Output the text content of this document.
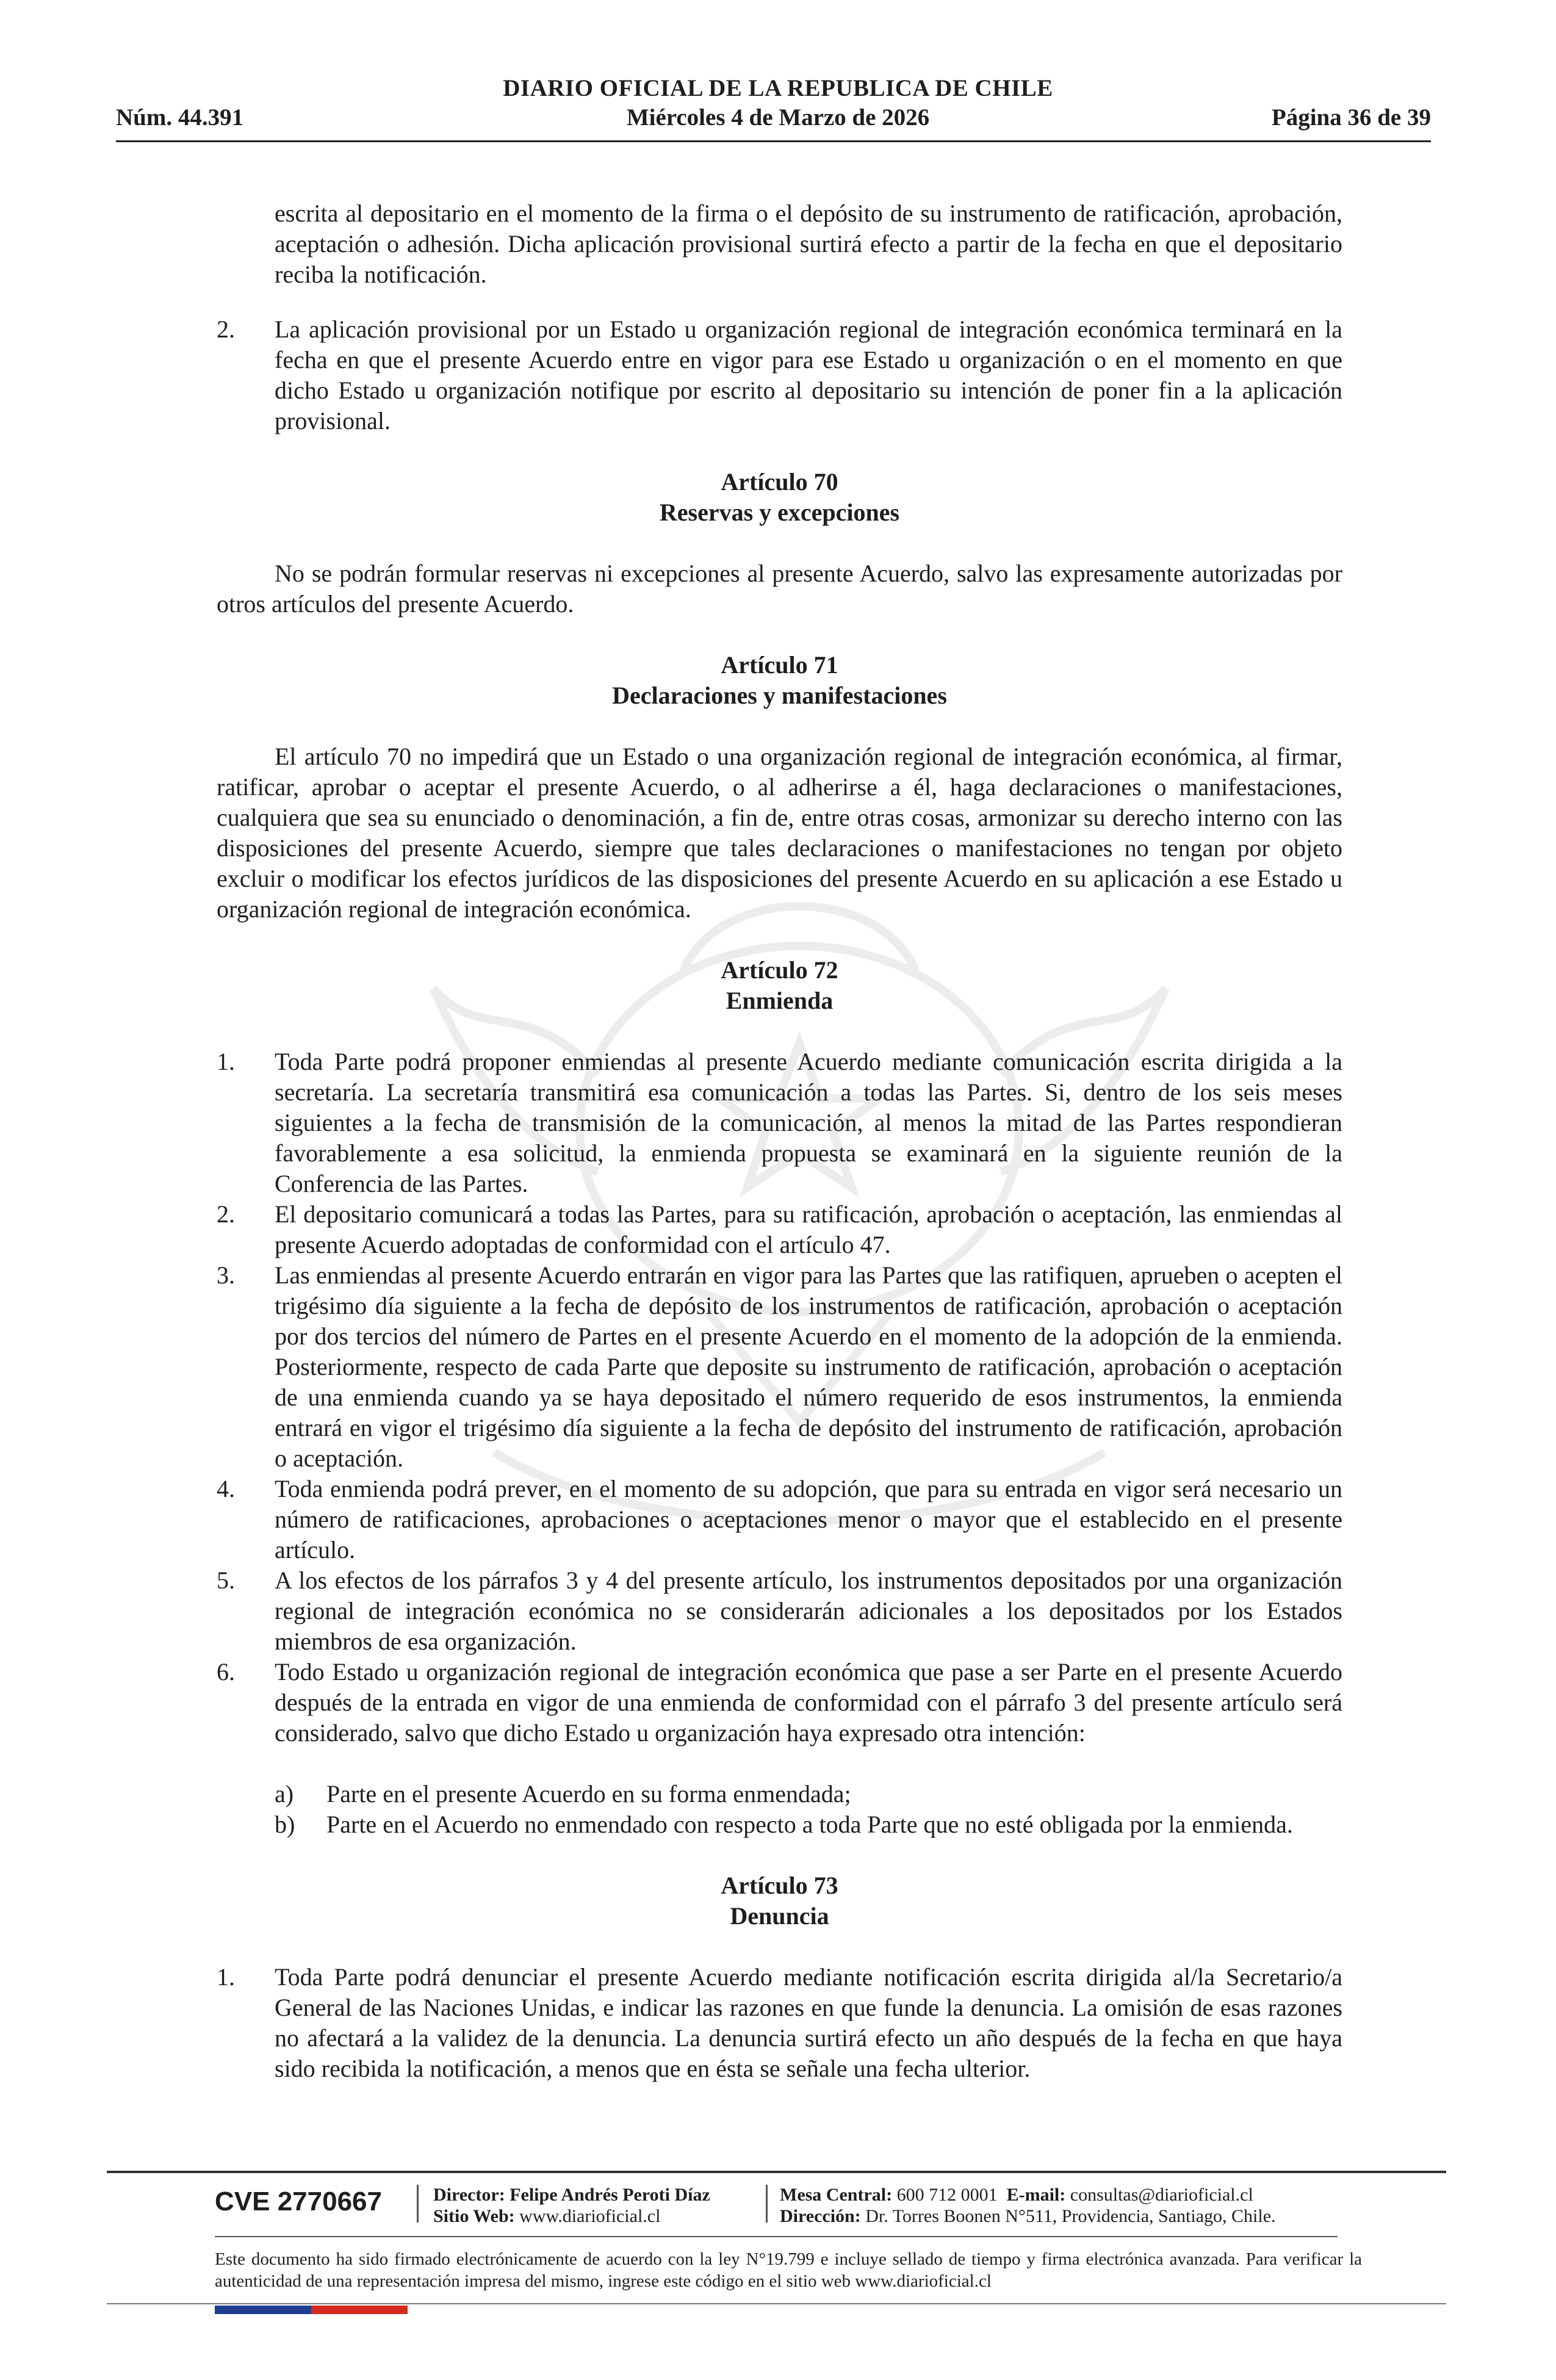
DIARIO OFICIAL DE LA REPUBLICA DE CHILE
Núm. 44.391	Miércoles 4 de Marzo de 2026	Página 36 de 39

escrita al depositario en el momento de la firma o el depósito de su instrumento de ratificación, aprobación, aceptación o adhesión. Dicha aplicación provisional surtirá efecto a partir de la fecha en que el depositario reciba la notificación.

2. La aplicación provisional por un Estado u organización regional de integración económica terminará en la fecha en que el presente Acuerdo entre en vigor para ese Estado u organización o en el momento en que dicho Estado u organización notifique por escrito al depositario su intención de poner fin a la aplicación provisional.

Artículo 70

Reservas y excepciones

No se podrán formular reservas ni excepciones al presente Acuerdo, salvo las expresamente autorizadas por otros artículos del presente Acuerdo.

Artículo 71

Declaraciones y manifestaciones

El artículo 70 no impedirá que un Estado o una organización regional de integración económica, al firmar, ratificar, aprobar o aceptar el presente Acuerdo, o al adherirse a él, haga declaraciones o manifestaciones, cualquiera que sea su enunciado o denominación, a fin de, entre otras cosas, armonizar su derecho interno con las disposiciones del presente Acuerdo, siempre que tales declaraciones o manifestaciones no tengan por objeto excluir o modificar los efectos jurídicos de las disposiciones del presente Acuerdo en su aplicación a ese Estado u organización regional de integración económica.

Artículo 72

Enmienda

1. Toda Parte podrá proponer enmiendas al presente Acuerdo mediante comunicación escrita dirigida a la secretaría. La secretaría transmitirá esa comunicación a todas las Partes. Si, dentro de los seis meses siguientes a la fecha de transmisión de la comunicación, al menos la mitad de las Partes respondieran favorablemente a esa solicitud, la enmienda propuesta se examinará en la siguiente reunión de la Conferencia de las Partes.
2. El depositario comunicará a todas las Partes, para su ratificación, aprobación o aceptación, las enmiendas al presente Acuerdo adoptadas de conformidad con el artículo 47.
3. Las enmiendas al presente Acuerdo entrarán en vigor para las Partes que las ratifiquen, aprueben o acepten el trigésimo día siguiente a la fecha de depósito de los instrumentos de ratificación, aprobación o aceptación por dos tercios del número de Partes en el presente Acuerdo en el momento de la adopción de la enmienda. Posteriormente, respecto de cada Parte que deposite su instrumento de ratificación, aprobación o aceptación de una enmienda cuando ya se haya depositado el número requerido de esos instrumentos, la enmienda entrará en vigor el trigésimo día siguiente a la fecha de depósito del instrumento de ratificación, aprobación o aceptación.
4. Toda enmienda podrá prever, en el momento de su adopción, que para su entrada en vigor será necesario un número de ratificaciones, aprobaciones o aceptaciones menor o mayor que el establecido en el presente artículo.
5. A los efectos de los párrafos 3 y 4 del presente artículo, los instrumentos depositados por una organización regional de integración económica no se considerarán adicionales a los depositados por los Estados miembros de esa organización.
6. Todo Estado u organización regional de integración económica que pase a ser Parte en el presente Acuerdo después de la entrada en vigor de una enmienda de conformidad con el párrafo 3 del presente artículo será considerado, salvo que dicho Estado u organización haya expresado otra intención:
a) Parte en el presente Acuerdo en su forma enmendada;
b) Parte en el Acuerdo no enmendado con respecto a toda Parte que no esté obligada por la enmienda.

Artículo 73

Denuncia

1. Toda Parte podrá denunciar el presente Acuerdo mediante notificación escrita dirigida al/la Secretario/a General de las Naciones Unidas, e indicar las razones en que funde la denuncia. La omisión de esas razones no afectará a la validez de la denuncia. La denuncia surtirá efecto un año después de la fecha en que haya sido recibida la notificación, a menos que en ésta se señale una fecha ulterior.
CVE 2770667	Director: Felipe Andrés Peroti Díaz
Sitio Web: www.diarioficial.cl
Mesa Central: 600 712 0001 E-mail: consultas@diarioficial.cl
Dirección: Dr. Torres Boonen N°511, Providencia, Santiago, Chile.
Este documento ha sido firmado electrónicamente de acuerdo con la ley N°19.799 e incluye sellado de tiempo y firma electrónica avanzada. Para verificar la autenticidad de una representación impresa del mismo, ingrese este código en el sitio web www.diarioficial.cl
